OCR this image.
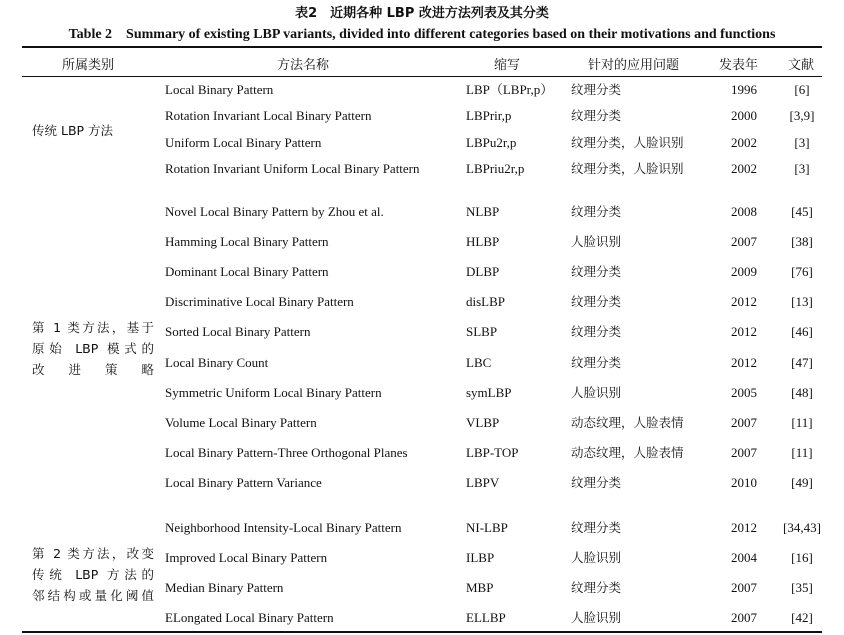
表2　近期各种 LBP 改进方法列表及其分类
Table 2　Summary of existing LBP variants, divided into different categories based on their motivations and functions
所属类别	方法名称	缩写	针对的应用问题	发表年 文献
传统 LBP 方法
Local Binary Pattern	LBP（LBPr,p） 纹理分类	1996	[6]
Rotation Invariant Local Binary Pattern	LBPrir,p	纹理分类	2000	[3,9]
Uniform Local Binary Pattern	LBPu2r,p	纹理分类，人脸识别	2002	[3]
Rotation Invariant Uniform Local Binary Pattern	LBPriu2r,p	纹理分类，人脸识别	2002	[3]
第 1 类方法，基于
原始 LBP 模式的
改进策略
Novel Local Binary Pattern by Zhou et al.	NLBP	纹理分类	2008	[45]
Hamming Local Binary Pattern	HLBP	人脸识别	2007	[38]
Dominant Local Binary Pattern	DLBP	纹理分类	2009	[76]
Discriminative Local Binary Pattern	disLBP	纹理分类	2012	[13]
Sorted Local Binary Pattern	SLBP	纹理分类	2012	[46]
Local Binary Count	LBC	纹理分类	2012	[47]
Symmetric Uniform Local Binary Pattern	symLBP	人脸识别	2005	[48]
Volume Local Binary Pattern	VLBP	动态纹理，人脸表情	2007	[11]
Local Binary Pattern-Three Orthogonal Planes	LBP-TOP	动态纹理，人脸表情	2007	[11]
Local Binary Pattern Variance	LBPV	纹理分类	2010	[49]
第 2 类方法，改变
传统 LBP 方法的
邻结构或量化阈值
Neighborhood Intensity-Local Binary Pattern	NI-LBP	纹理分类	2012	[34,43]
Improved Local Binary Pattern	ILBP	人脸识别	2004	[16]
Median Binary Pattern	MBP	纹理分类	2007	[35]
ELongated Local Binary Pattern	ELLBP	人脸识别	2007	[42]
